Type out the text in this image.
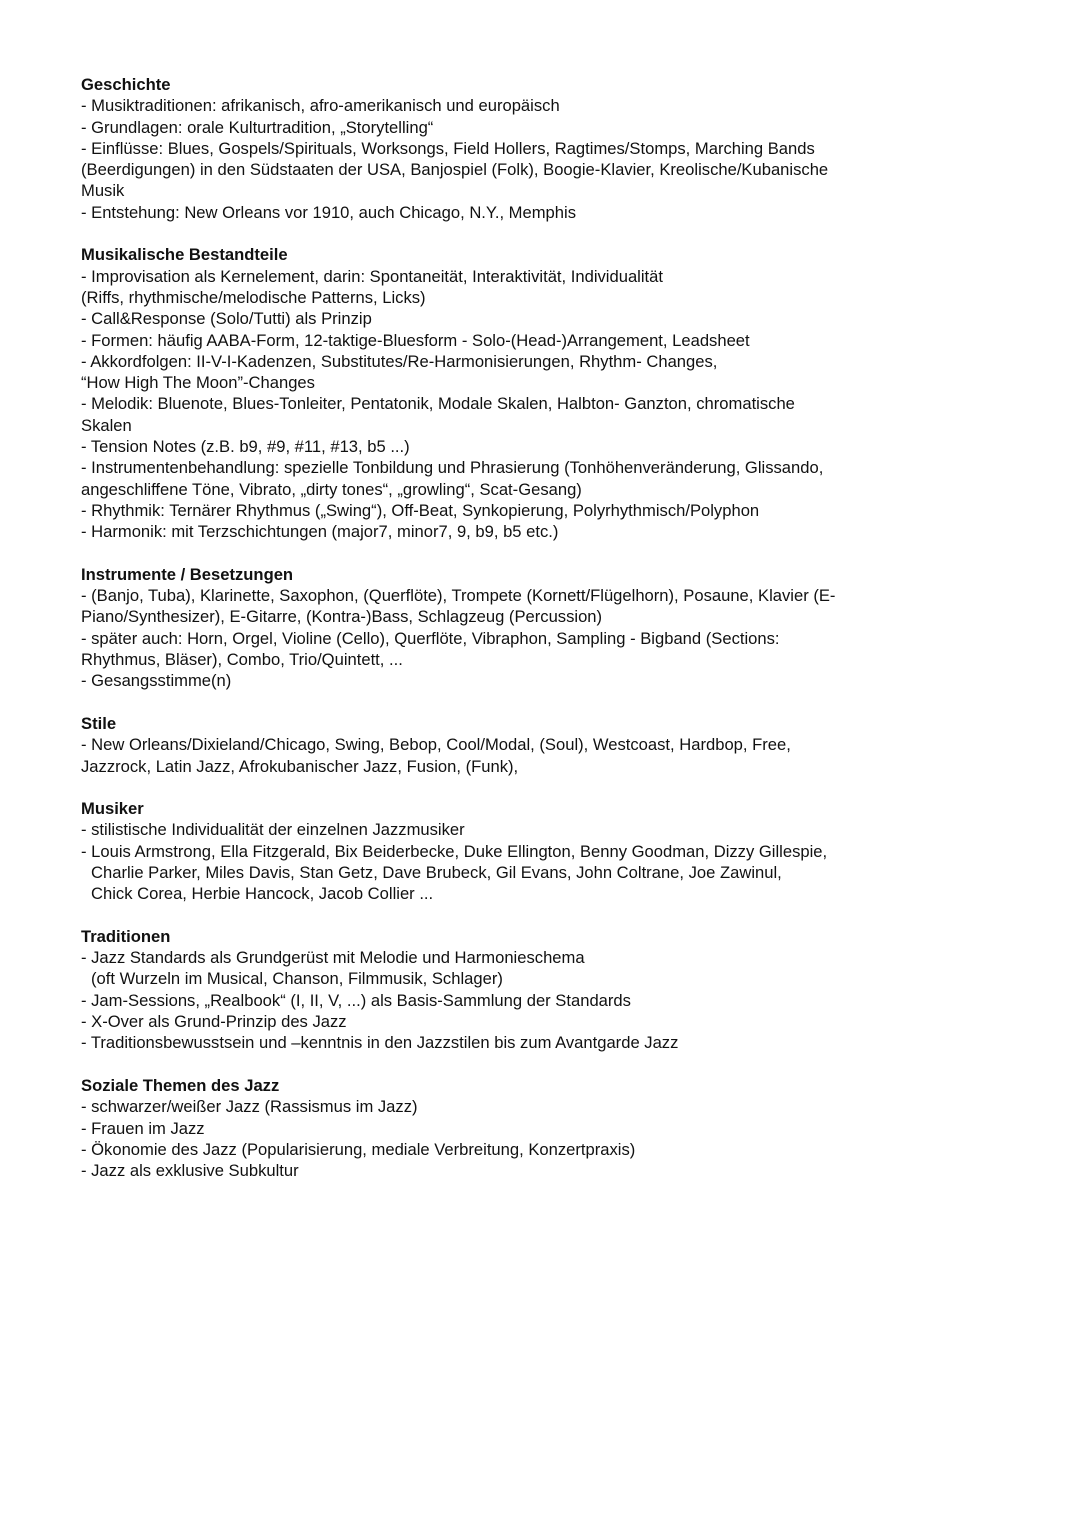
Geschichte
- Musiktraditionen: afrikanisch, afro-amerikanisch und europäisch
- Grundlagen: orale Kulturtradition, „Storytelling“
- Einflüsse: Blues, Gospels/Spirituals, Worksongs, Field Hollers, Ragtimes/Stomps, Marching Bands
(Beerdigungen) in den Südstaaten der USA, Banjospiel (Folk), Boogie-Klavier, Kreolische/Kubanische
Musik
- Entstehung: New Orleans vor 1910, auch Chicago, N.Y., Memphis
Musikalische Bestandteile
- Improvisation als Kernelement, darin: Spontaneität, Interaktivität, Individualität
(Riffs, rhythmische/melodische Patterns, Licks)
- Call&Response (Solo/Tutti) als Prinzip
- Formen: häufig AABA-Form, 12-taktige-Bluesform - Solo-(Head-)Arrangement, Leadsheet
- Akkordfolgen: II-V-I-Kadenzen, Substitutes/Re-Harmonisierungen, Rhythm- Changes,
“How High The Moon”-Changes
- Melodik: Bluenote, Blues-Tonleiter, Pentatonik, Modale Skalen, Halbton- Ganzton, chromatische
Skalen
- Tension Notes (z.B. b9, #9, #11, #13, b5 ...)
- Instrumentenbehandlung: spezielle Tonbildung und Phrasierung (Tonhöhenveränderung, Glissando,
angeschliffene Töne, Vibrato, „dirty tones“, „growling“, Scat-Gesang)
- Rhythmik: Ternärer Rhythmus („Swing“), Off-Beat, Synkopierung, Polyrhythmisch/Polyphon
- Harmonik: mit Terzschichtungen (major7, minor7, 9, b9, b5 etc.)
Instrumente / Besetzungen
- (Banjo, Tuba), Klarinette, Saxophon, (Querflöte), Trompete (Kornett/Flügelhorn), Posaune, Klavier (E-
Piano/Synthesizer), E-Gitarre, (Kontra-)Bass, Schlagzeug (Percussion)
- später auch: Horn, Orgel, Violine (Cello), Querflöte, Vibraphon, Sampling - Bigband (Sections:
Rhythmus, Bläser), Combo, Trio/Quintett, ...
- Gesangsstimme(n)
Stile
- New Orleans/Dixieland/Chicago, Swing, Bebop, Cool/Modal, (Soul), Westcoast, Hardbop, Free,
Jazzrock, Latin Jazz, Afrokubanischer Jazz, Fusion, (Funk),
Musiker
- stilistische Individualität der einzelnen Jazzmusiker
- Louis Armstrong, Ella Fitzgerald, Bix Beiderbecke, Duke Ellington, Benny Goodman, Dizzy Gillespie,
Charlie Parker, Miles Davis, Stan Getz, Dave Brubeck, Gil Evans, John Coltrane, Joe Zawinul,
Chick Corea, Herbie Hancock, Jacob Collier ...
Traditionen
- Jazz Standards als Grundgerüst mit Melodie und Harmonieschema
(oft Wurzeln im Musical, Chanson, Filmmusik, Schlager)
- Jam-Sessions, „Realbook“ (I, II, V, ...) als Basis-Sammlung der Standards
- X-Over als Grund-Prinzip des Jazz
- Traditionsbewusstsein und –kenntnis in den Jazzstilen bis zum Avantgarde Jazz
Soziale Themen des Jazz
- schwarzer/weißer Jazz (Rassismus im Jazz)
- Frauen im Jazz
- Ökonomie des Jazz (Popularisierung, mediale Verbreitung, Konzertpraxis)
- Jazz als exklusive Subkultur
